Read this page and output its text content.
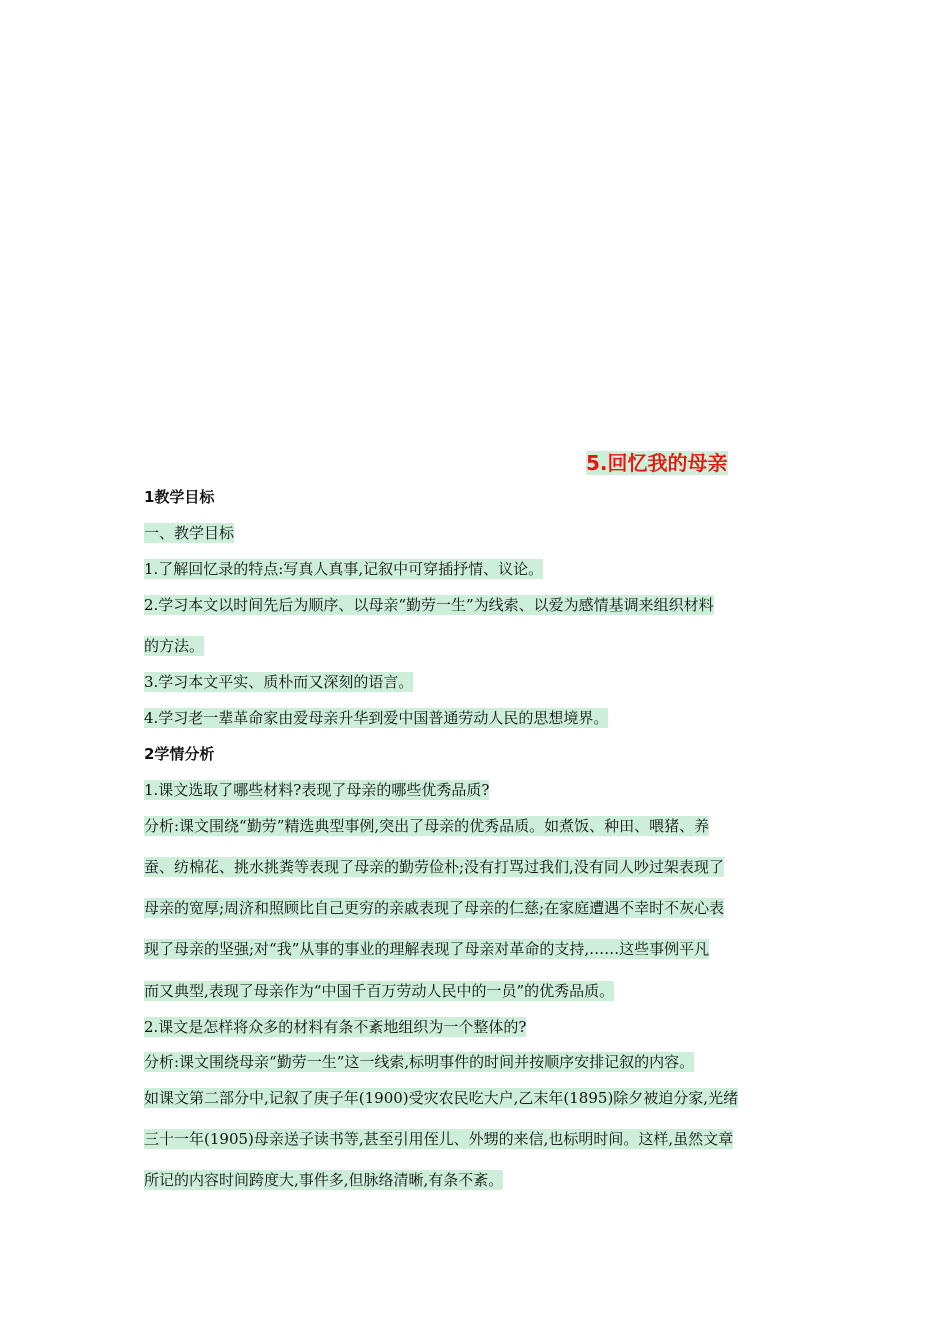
5.回忆我的母亲
1教学目标
一、教学目标
1.了解回忆录的特点:写真人真事,记叙中可穿插抒情、议论。
2.学习本文以时间先后为顺序、以母亲“勤劳一生”为线索、以爱为感情基调来组织材料
的方法。
3.学习本文平实、质朴而又深刻的语言。
4.学习老一辈革命家由爱母亲升华到爱中国普通劳动人民的思想境界。
2学情分析
1.课文选取了哪些材料?表现了母亲的哪些优秀品质?
分析:课文围绕“勤劳”精选典型事例,突出了母亲的优秀品质。如煮饭、种田、喂猪、养
蚕、纺棉花、挑水挑粪等表现了母亲的勤劳俭朴;没有打骂过我们,没有同人吵过架表现了
母亲的宽厚;周济和照顾比自己更穷的亲戚表现了母亲的仁慈;在家庭遭遇不幸时不灰心表
现了母亲的坚强;对“我”从事的事业的理解表现了母亲对革命的支持,……这些事例平凡
而又典型,表现了母亲作为“中国千百万劳动人民中的一员”的优秀品质。
2.课文是怎样将众多的材料有条不紊地组织为一个整体的?
分析:课文围绕母亲“勤劳一生”这一线索,标明事件的时间并按顺序安排记叙的内容。
如课文第二部分中,记叙了庚子年(1900)受灾农民吃大户,乙末年(1895)除夕被迫分家,光绪
三十一年(1905)母亲送子读书等,甚至引用侄儿、外甥的来信,也标明时间。这样,虽然文章
所记的内容时间跨度大,事件多,但脉络清晰,有条不紊。
